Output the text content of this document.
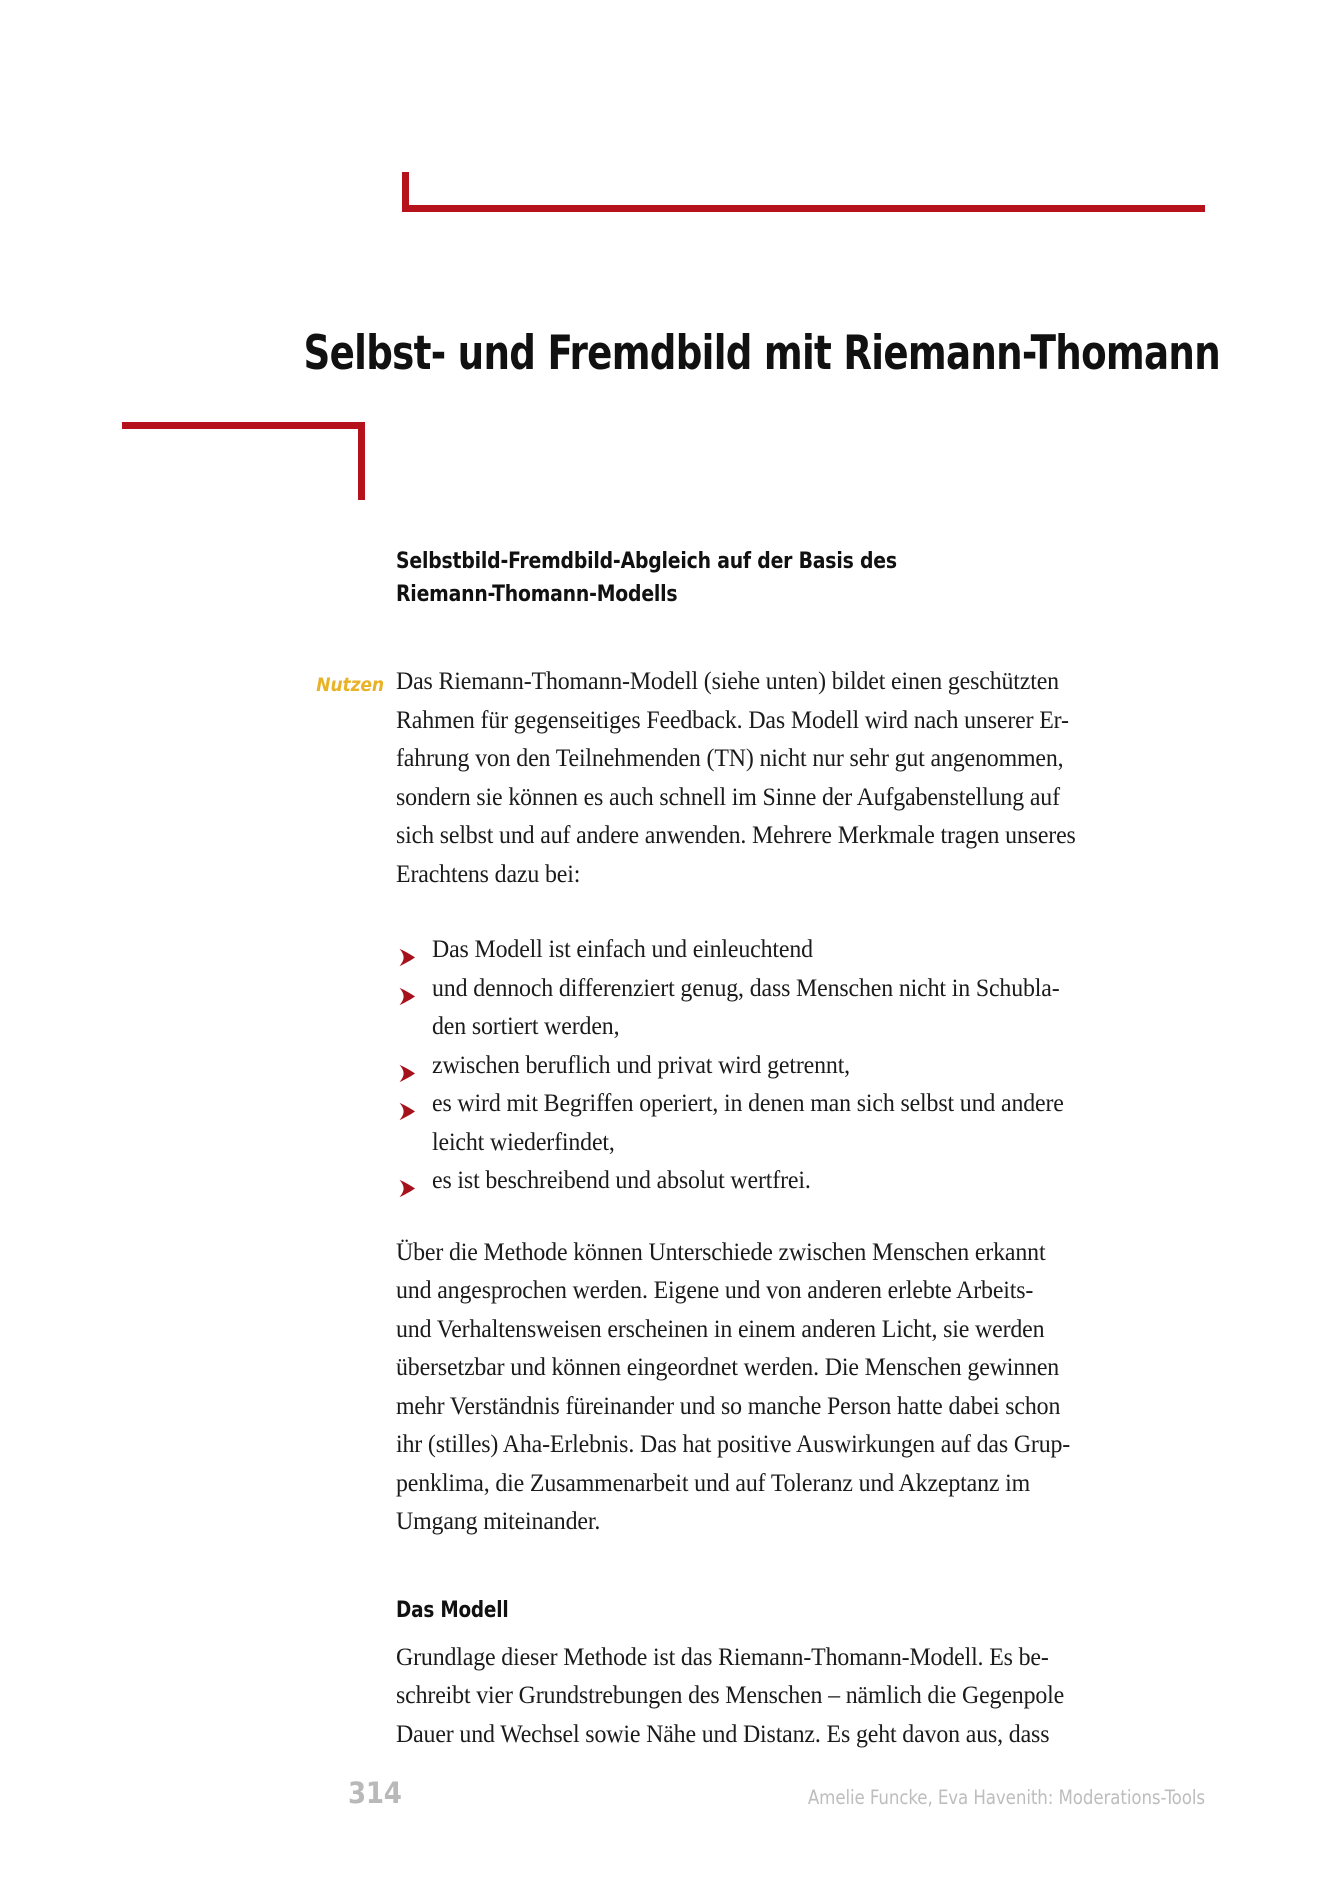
Selbst- und Fremdbild mit Riemann-Thomann
Selbstbild-Fremdbild-Abgleich auf der Basis des
Riemann-Thomann-Modells

Nutzen Das Riemann-Thomann-Modell (siehe unten) bildet einen geschützten
Rahmen für gegenseitiges Feedback. Das Modell wird nach unserer Er-
fahrung von den Teilnehmenden (TN) nicht nur sehr gut angenommen,
sondern sie können es auch schnell im Sinne der Aufgabenstellung auf
sich selbst und auf andere anwenden. Mehrere Merkmale tragen unseres
Erachtens dazu bei:

Das Modell ist einfach und einleuchtend
und dennoch differenziert genug, dass Menschen nicht in Schubla-
den sortiert werden,
zwischen beruflich und privat wird getrennt,
es wird mit Begriffen operiert, in denen man sich selbst und andere
leicht wiederfindet,
es ist beschreibend und absolut wertfrei.

Über die Methode können Unterschiede zwischen Menschen erkannt
und angesprochen werden. Eigene und von anderen erlebte Arbeits-
und Verhaltensweisen erscheinen in einem anderen Licht, sie werden
übersetzbar und können eingeordnet werden. Die Menschen gewinnen
mehr Verständnis füreinander und so manche Person hatte dabei schon
ihr (stilles) Aha-Erlebnis. Das hat positive Auswirkungen auf das Grup-
penklima, die Zusammenarbeit und auf Toleranz und Akzeptanz im
Umgang miteinander.

Das Modell

Grundlage dieser Methode ist das Riemann-Thomann-Modell. Es be-
schreibt vier Grundstrebungen des Menschen – nämlich die Gegenpole
Dauer und Wechsel sowie Nähe und Distanz. Es geht davon aus, dass

314	Amelie Funcke, Eva Havenith: Moderations-Tools
